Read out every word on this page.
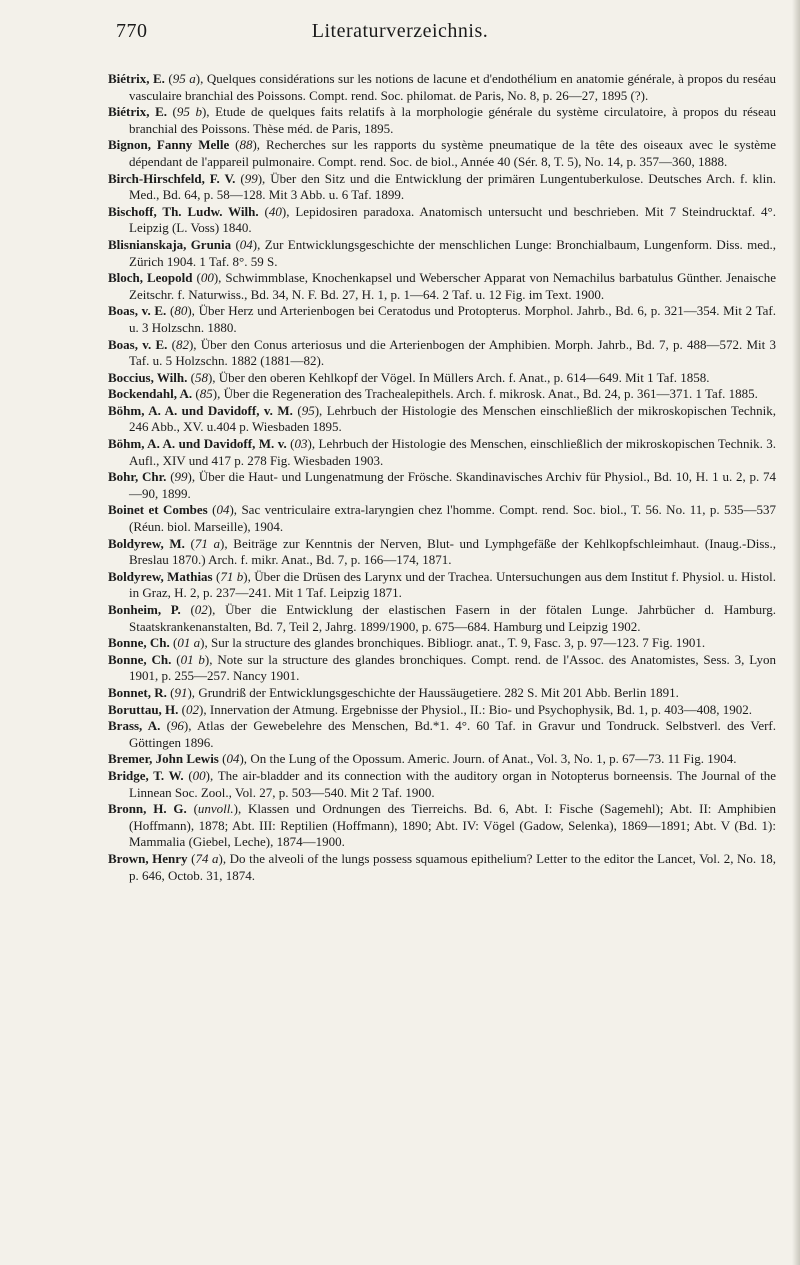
770	Literaturverzeichnis.

Biétrix, E. (95 a), Quelques considérations sur les notions de lacune et d'endothélium en anatomie générale, à propos du reséau vasculaire branchial des Poissons. Compt. rend. Soc. philomat. de Paris, No. 8, p. 26—27, 1895 (?).

Biétrix, E. (95 b), Etude de quelques faits relatifs à la morphologie générale du système circulatoire, à propos du réseau branchial des Poissons. Thèse méd. de Paris, 1895.

Bignon, Fanny Melle (88), Recherches sur les rapports du système pneumatique de la tête des oiseaux avec le système dépendant de l'appareil pulmonaire. Compt. rend. Soc. de biol., Année 40 (Sér. 8, T. 5), No. 14, p. 357—360, 1888.

Birch-Hirschfeld, F. V. (99), Über den Sitz und die Entwicklung der primären Lungentuberkulose. Deutsches Arch. f. klin. Med., Bd. 64, p. 58—128. Mit 3 Abb. u. 6 Taf. 1899.

Bischoff, Th. Ludw. Wilh. (40), Lepidosiren paradoxa. Anatomisch untersucht und beschrieben. Mit 7 Steindrucktaf. 4°. Leipzig (L. Voss) 1840.

Blisnianskaja, Grunia (04), Zur Entwicklungsgeschichte der menschlichen Lunge: Bronchialbaum, Lungenform. Diss. med., Zürich 1904. 1 Taf. 8°. 59 S.

Bloch, Leopold (00), Schwimmblase, Knochenkapsel und Weberscher Apparat von Nemachilus barbatulus Günther. Jenaische Zeitschr. f. Naturwiss., Bd. 34, N. F. Bd. 27, H. 1, p. 1—64. 2 Taf. u. 12 Fig. im Text. 1900.

Boas, v. E. (80), Über Herz und Arterienbogen bei Ceratodus und Protopterus. Morphol. Jahrb., Bd. 6, p. 321—354. Mit 2 Taf. u. 3 Holzschn. 1880.

Boas, v. E. (82), Über den Conus arteriosus und die Arterienbogen der Amphibien. Morph. Jahrb., Bd. 7, p. 488—572. Mit 3 Taf. u. 5 Holzschn. 1882 (1881—82).

Boccius, Wilh. (58), Über den oberen Kehlkopf der Vögel. In Müllers Arch. f. Anat., p. 614—649. Mit 1 Taf. 1858.

Bockendahl, A. (85), Über die Regeneration des Trachealepithels. Arch. f. mikrosk. Anat., Bd. 24, p. 361—371. 1 Taf. 1885.

Böhm, A. A. und Davidoff, v. M. (95), Lehrbuch der Histologie des Menschen einschließlich der mikroskopischen Technik, 246 Abb., XV. u.404 p. Wiesbaden 1895.

Böhm, A. A. und Davidoff, M. v. (03), Lehrbuch der Histologie des Menschen, einschließlich der mikroskopischen Technik. 3. Aufl., XIV und 417 p. 278 Fig. Wiesbaden 1903.

Bohr, Chr. (99), Über die Haut- und Lungenatmung der Frösche. Skandinavisches Archiv für Physiol., Bd. 10, H. 1 u. 2, p. 74—90, 1899.

Boinet et Combes (04), Sac ventriculaire extra-laryngien chez l'homme. Compt. rend. Soc. biol., T. 56. No. 11, p. 535—537 (Réun. biol. Marseille), 1904.

Boldyrew, M. (71 a), Beiträge zur Kenntnis der Nerven, Blut- und Lymphgefäße der Kehlkopfschleimhaut. (Inaug.-Diss., Breslau 1870.) Arch. f. mikr. Anat., Bd. 7, p. 166—174, 1871.

Boldyrew, Mathias (71 b), Über die Drüsen des Larynx und der Trachea. Untersuchungen aus dem Institut f. Physiol. u. Histol. in Graz, H. 2, p. 237—241. Mit 1 Taf. Leipzig 1871.

Bonheim, P. (02), Über die Entwicklung der elastischen Fasern in der fötalen Lunge. Jahrbücher d. Hamburg. Staatskrankenanstalten, Bd. 7, Teil 2, Jahrg. 1899/1900, p. 675—684. Hamburg und Leipzig 1902.

Bonne, Ch. (01 a), Sur la structure des glandes bronchiques. Bibliogr. anat., T. 9, Fasc. 3, p. 97—123. 7 Fig. 1901.

Bonne, Ch. (01 b), Note sur la structure des glandes bronchiques. Compt. rend. de l'Assoc. des Anatomistes, Sess. 3, Lyon 1901, p. 255—257. Nancy 1901.

Bonnet, R. (91), Grundriß der Entwicklungsgeschichte der Haussäugetiere. 282 S. Mit 201 Abb. Berlin 1891.

Boruttau, H. (02), Innervation der Atmung. Ergebnisse der Physiol., II.: Bio- und Psychophysik, Bd. 1, p. 403—408, 1902.

Brass, A. (96), Atlas der Gewebelehre des Menschen, Bd.*1. 4°. 60 Taf. in Gravur und Tondruck. Selbstverl. des Verf. Göttingen 1896.

Bremer, John Lewis (04), On the Lung of the Opossum. Americ. Journ. of Anat., Vol. 3, No. 1, p. 67—73. 11 Fig. 1904.

Bridge, T. W. (00), The air-bladder and its connection with the auditory organ in Notopterus borneensis. The Journal of the Linnean Soc. Zool., Vol. 27, p. 503—540. Mit 2 Taf. 1900.

Bronn, H. G. (unvoll.), Klassen und Ordnungen des Tierreichs. Bd. 6, Abt. I: Fische (Sagemehl); Abt. II: Amphibien (Hoffmann), 1878; Abt. III: Reptilien (Hoffmann), 1890; Abt. IV: Vögel (Gadow, Selenka), 1869—1891; Abt. V (Bd. 1): Mammalia (Giebel, Leche), 1874—1900.

Brown, Henry (74 a), Do the alveoli of the lungs possess squamous epithelium? Letter to the editor the Lancet, Vol. 2, No. 18, p. 646, Octob. 31, 1874.
